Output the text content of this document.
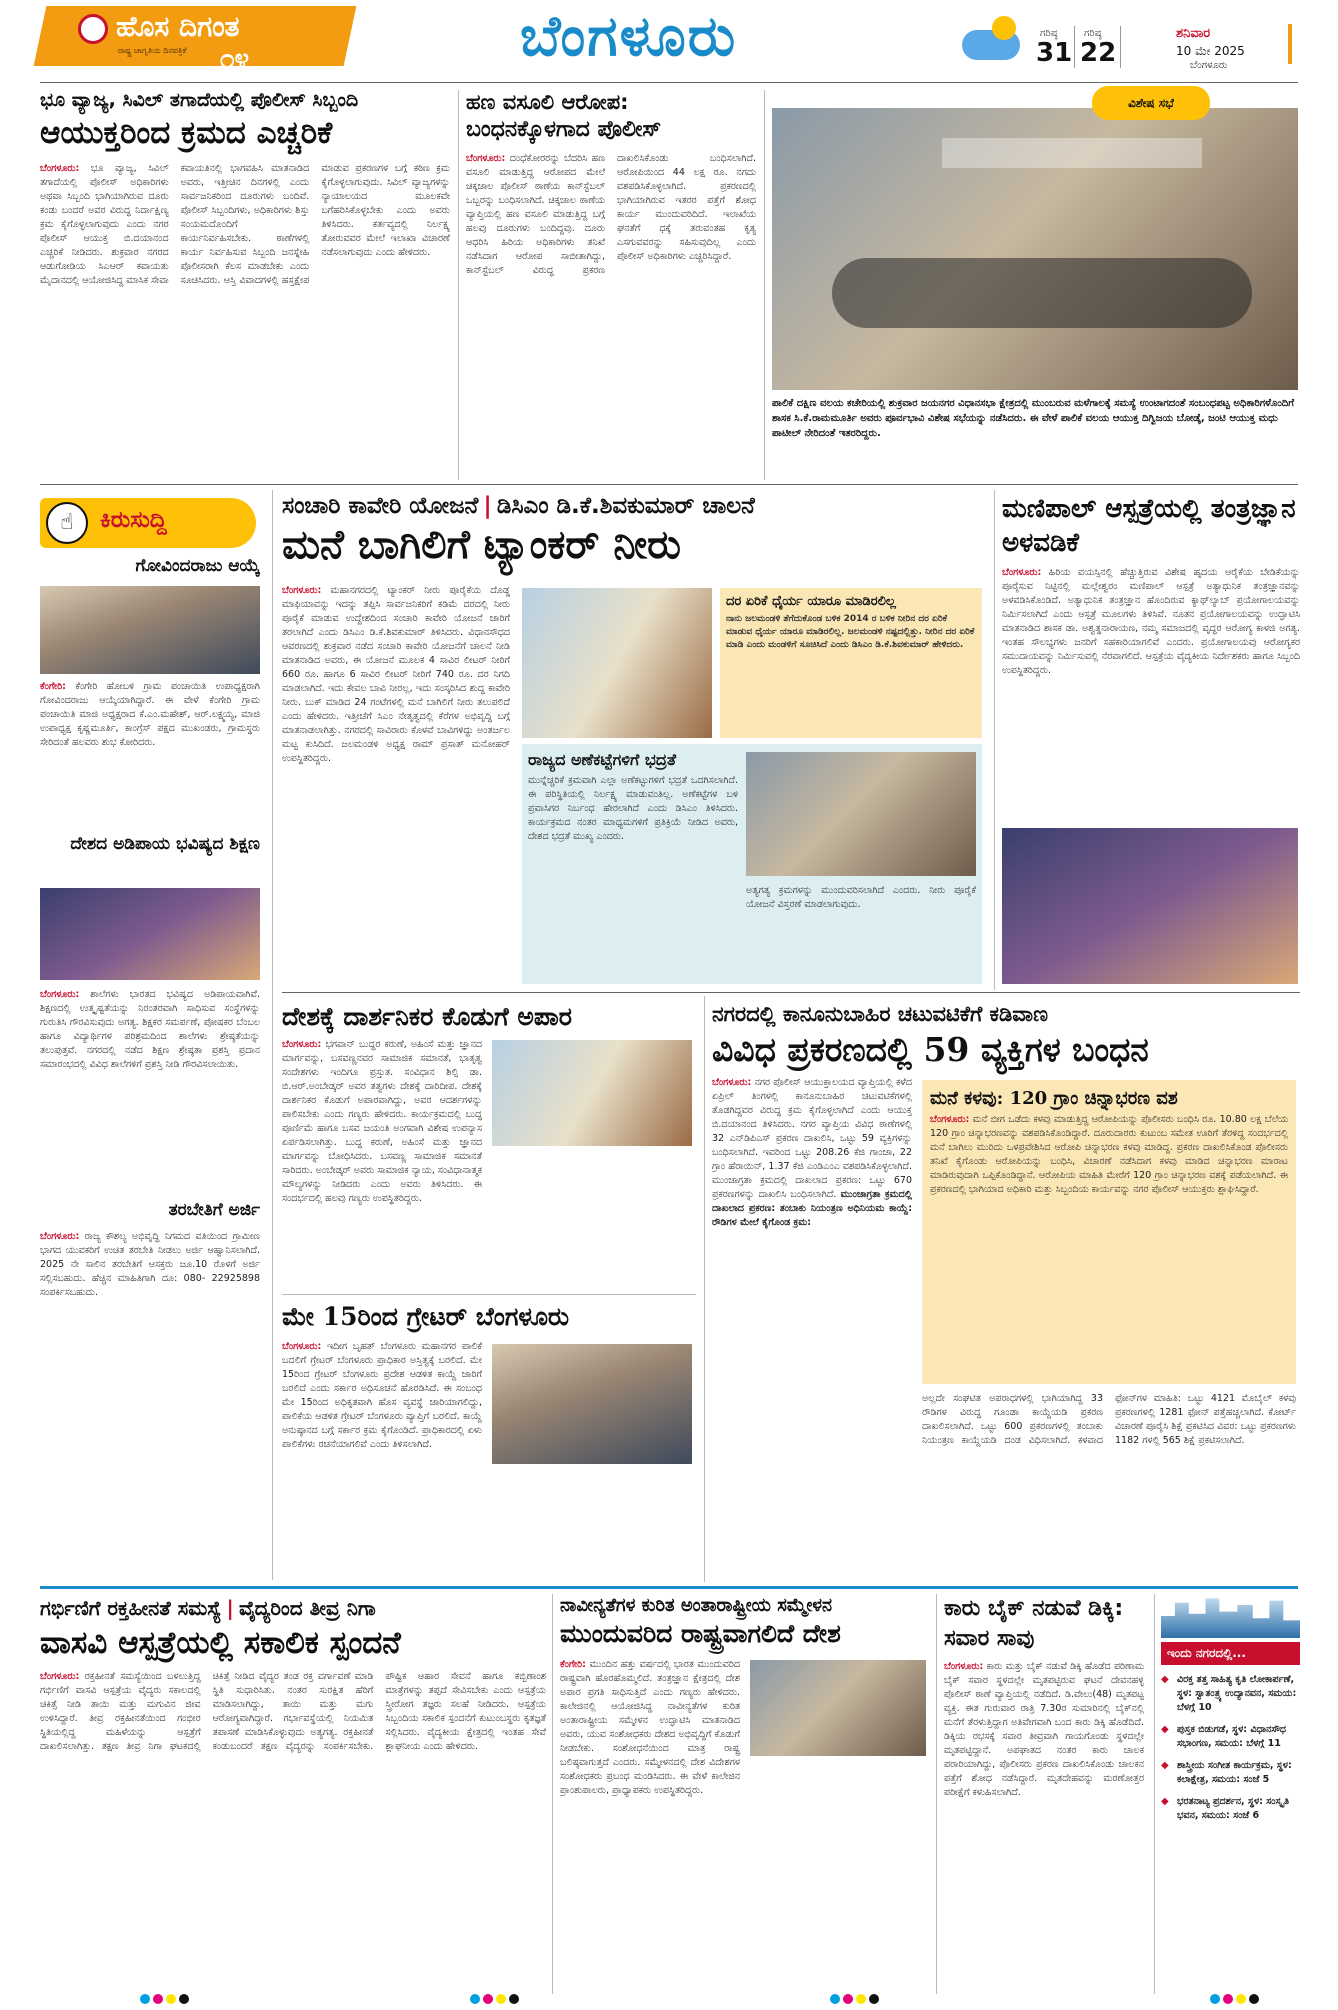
ಹೊಸ ದಿಗಂತ
ರಾಷ್ಟ್ರ ಜಾಗೃತಿಯ ದಿನಪತ್ರಿಕೆ ೧೪	ಬೆಂಗಳೂರು	ಗರಿಷ್ಠ
31
ಗರಿಷ್ಠ
22
ಶನಿವಾರ
10 ಮೇ 2025
ಬೆಂಗಳೂರು
ಭೂ ವ್ಯಾಜ್ಯ, ಸಿವಿಲ್ ತಗಾದೆಯಲ್ಲಿ ಪೊಲೀಸ್ ಸಿಬ್ಬಂದಿ
ಆಯುಕ್ತರಿಂದ ಕ್ರಮದ ಎಚ್ಚರಿಕೆ
ಬೆಂಗಳೂರು: ಭೂ ವ್ಯಾಜ್ಯ, ಸಿವಿಲ್ ತಗಾದೆಯಲ್ಲಿ ಪೊಲೀಸ್ ಅಧಿಕಾರಿಗಳು ಅಥವಾ ಸಿಬ್ಬಂದಿ ಭಾಗಿಯಾಗಿರುವ ದೂರು ಕಂಡು ಬಂದರೆ ಅವರ ವಿರುದ್ಧ ನಿರ್ದಾಕ್ಷಿಣ್ಯ ಕ್ರಮ ಕೈಗೊಳ್ಳಲಾಗುವುದು ಎಂದು ನಗರ ಪೊಲೀಸ್ ಆಯುಕ್ತ ಬಿ.ದಯಾನಂದ ಎಚ್ಚರಿಕೆ ನೀಡಿದರು. ಶುಕ್ರವಾರ ನಗರದ ಆಡುಗೋಡಿಯ ಸಿಎಆರ್ ಕವಾಯತು ಮೈದಾನದಲ್ಲಿ ಆಯೋಜಿಸಿದ್ದ ಮಾಸಿಕ ಸೇವಾ ಕವಾಯತಿನಲ್ಲಿ ಭಾಗವಹಿಸಿ ಮಾತನಾಡಿದ ಅವರು, ಇತ್ತೀಚಿನ ದಿನಗಳಲ್ಲಿ ಎಂದು ಸಾರ್ವಜನಿಕರಿಂದ ದೂರುಗಳು ಬಂದಿವೆ. ಪೊಲೀಸ್ ಸಿಬ್ಬಂದಿಗಳು, ಅಧಿಕಾರಿಗಳು ಶಿಸ್ತು ಸಂಯಮದೊಂದಿಗೆ ಕಾರ್ಯನಿರ್ವಹಿಸಬೇಕು. ಠಾಣೆಗಳಲ್ಲಿ ಕಾರ್ಯ ನಿರ್ವಹಿಸುವ ಸಿಬ್ಬಂದಿ ಜನಸ್ನೇಹಿ ಪೊಲೀಸರಾಗಿ ಕೆಲಸ ಮಾಡಬೇಕು ಎಂದು ಸೂಚಿಸಿದರು. ಆಸ್ತಿ ವಿವಾದಗಳಲ್ಲಿ ಹಸ್ತಕ್ಷೇಪ ಮಾಡುವ ಪ್ರಕರಣಗಳ ಬಗ್ಗೆ ಕಠಿಣ ಕ್ರಮ ಕೈಗೊಳ್ಳಲಾಗುವುದು. ಸಿವಿಲ್ ವ್ಯಾಜ್ಯಗಳನ್ನು ನ್ಯಾಯಾಲಯದ ಮೂಲಕವೇ ಬಗೆಹರಿಸಿಕೊಳ್ಳಬೇಕು ಎಂದು ಅವರು ತಿಳಿಸಿದರು. ಕರ್ತವ್ಯದಲ್ಲಿ ನಿರ್ಲಕ್ಷ್ಯ ತೋರುವವರ ಮೇಲೆ ಇಲಾಖಾ ವಿಚಾರಣೆ ನಡೆಸಲಾಗುವುದು ಎಂದು ಹೇಳಿದರು.
ಹಣ ವಸೂಲಿ ಆರೋಪ:
ಬಂಧನಕ್ಕೊಳಗಾದ ಪೊಲೀಸ್
ಬೆಂಗಳೂರು: ದಂಧೆಕೋರರನ್ನು ಬೆದರಿಸಿ ಹಣ ವಸೂಲಿ ಮಾಡುತ್ತಿದ್ದ ಆರೋಪದ ಮೇಲೆ ಚಿಕ್ಕಜಾಲ ಪೊಲೀಸ್ ಠಾಣೆಯ ಕಾನ್‌ಸ್ಟೆಬಲ್ ಒಬ್ಬರನ್ನು ಬಂಧಿಸಲಾಗಿದೆ. ಚಿಕ್ಕಜಾಲ ಠಾಣೆಯ ವ್ಯಾಪ್ತಿಯಲ್ಲಿ ಹಣ ವಸೂಲಿ ಮಾಡುತ್ತಿದ್ದ ಬಗ್ಗೆ ಹಲವು ದೂರುಗಳು ಬಂದಿದ್ದವು. ದೂರು ಆಧರಿಸಿ ಹಿರಿಯ ಅಧಿಕಾರಿಗಳು ತನಿಖೆ ನಡೆಸಿದಾಗ ಆರೋಪ ಸಾಬೀತಾಗಿದ್ದು, ಕಾನ್‌ಸ್ಟೆಬಲ್ ವಿರುದ್ಧ ಪ್ರಕರಣ ದಾಖಲಿಸಿಕೊಂಡು ಬಂಧಿಸಲಾಗಿದೆ. ಆರೋಪಿಯಿಂದ 44 ಲಕ್ಷ ರೂ. ನಗದು ವಶಪಡಿಸಿಕೊಳ್ಳಲಾಗಿದೆ. ಪ್ರಕರಣದಲ್ಲಿ ಭಾಗಿಯಾಗಿರುವ ಇತರರ ಪತ್ತೆಗೆ ಶೋಧ ಕಾರ್ಯ ಮುಂದುವರಿದಿದೆ. ಇಲಾಖೆಯ ಘನತೆಗೆ ಧಕ್ಕೆ ತರುವಂತಹ ಕೃತ್ಯ ಎಸಗುವವರನ್ನು ಸಹಿಸುವುದಿಲ್ಲ ಎಂದು ಪೊಲೀಸ್ ಅಧಿಕಾರಿಗಳು ಎಚ್ಚರಿಸಿದ್ದಾರೆ.
ವಿಶೇಷ ಸಭೆ
ಪಾಲಿಕೆ ದಕ್ಷಿಣ ವಲಯ ಕಚೇರಿಯಲ್ಲಿ ಶುಕ್ರವಾರ ಜಯನಗರ ವಿಧಾನಸಭಾ ಕ್ಷೇತ್ರದಲ್ಲಿ ಮುಂಬರುವ ಮಳೆಗಾಲಕ್ಕೆ ಸಮಸ್ಯೆ ಉಂಟಾಗದಂತೆ ಸಂಬಂಧಪಟ್ಟ ಅಧಿಕಾರಿಗಳೊಂದಿಗೆ ಶಾಸಕ ಸಿ.ಕೆ.ರಾಮಮೂರ್ತಿ ಅವರು ಪೂರ್ವಭಾವಿ ವಿಶೇಷ ಸಭೆಯನ್ನು ನಡೆಸಿದರು. ಈ ವೇಳೆ ಪಾಲಿಕೆ ವಲಯ ಆಯುಕ್ತ ದಿಗ್ವಿಜಯ ಬೋಡ್ಕೆ, ಜಂಟಿ ಆಯುಕ್ತ ಮಧು ಪಾಟೀಲ್ ನೇರಿದಂತೆ ಇತರರಿದ್ದರು.
☝	ಕಿರುಸುದ್ದಿ
ಗೋವಿಂದರಾಜು ಆಯ್ಕೆ
ಕೆಂಗೇರಿ: ಕೆಂಗೇರಿ ಹೋಬಳಿ ಗ್ರಾಮ ಪಂಚಾಯಿತಿ ಉಪಾಧ್ಯಕ್ಷರಾಗಿ ಗೋವಿಂದರಾಜು ಆಯ್ಕೆಯಾಗಿದ್ದಾರೆ. ಈ ವೇಳೆ ಕೆಂಗೇರಿ ಗ್ರಾಮ ಪಂಚಾಯಿತಿ ಮಾಜಿ ಅಧ್ಯಕ್ಷರಾದ ಕೆ.ಎಂ.ಮಹೇಶ್, ಆರ್.ಲಕ್ಷ್ಮಯ್ಯ, ಮಾಜಿ ಉಪಾಧ್ಯಕ್ಷ ಕೃಷ್ಣಮೂರ್ತಿ, ಕಾಂಗ್ರೆಸ್ ಪಕ್ಷದ ಮುಖಂಡರು, ಗ್ರಾಮಸ್ಥರು ಸೇರಿದಂತೆ ಹಲವರು ಶುಭ ಕೋರಿದರು.
ದೇಶದ ಅಡಿಪಾಯ ಭವಿಷ್ಯದ ಶಿಕ್ಷಣ
ಬೆಂಗಳೂರು: ಶಾಲೆಗಳು ಭಾರತದ ಭವಿಷ್ಯದ ಅಡಿಪಾಯವಾಗಿವೆ. ಶಿಕ್ಷಣದಲ್ಲಿ ಉತ್ಕೃಷ್ಟತೆಯನ್ನು ನಿರಂತರವಾಗಿ ಸಾಧಿಸುವ ಸಂಸ್ಥೆಗಳನ್ನು ಗುರುತಿಸಿ ಗೌರವಿಸುವುದು ಅಗತ್ಯ. ಶಿಕ್ಷಕರ ಸಮರ್ಪಣೆ, ಪೋಷಕರ ಬೆಂಬಲ ಹಾಗೂ ವಿದ್ಯಾರ್ಥಿಗಳ ಪರಿಶ್ರಮದಿಂದ ಶಾಲೆಗಳು ಶ್ರೇಷ್ಠತೆಯನ್ನು ತಲುಪುತ್ತವೆ. ನಗರದಲ್ಲಿ ನಡೆದ ಶಿಕ್ಷಣ ಶ್ರೇಷ್ಠತಾ ಪ್ರಶಸ್ತಿ ಪ್ರದಾನ ಸಮಾರಂಭದಲ್ಲಿ ವಿವಿಧ ಶಾಲೆಗಳಿಗೆ ಪ್ರಶಸ್ತಿ ನೀಡಿ ಗೌರವಿಸಲಾಯಿತು.
ತರಬೇತಿಗೆ ಅರ್ಜಿ
ಬೆಂಗಳೂರು: ರಾಜ್ಯ ಕೌಶಲ್ಯ ಅಭಿವೃದ್ಧಿ ನಿಗಮದ ವತಿಯಿಂದ ಗ್ರಾಮೀಣ ಭಾಗದ ಯುವಕರಿಗೆ ಉಚಿತ ತರಬೇತಿ ನೀಡಲು ಅರ್ಜಿ ಆಹ್ವಾನಿಸಲಾಗಿದೆ. 2025 ನೇ ಸಾಲಿನ ತರಬೇತಿಗೆ ಆಸಕ್ತರು ಜೂ.10 ರೊಳಗೆ ಅರ್ಜಿ ಸಲ್ಲಿಸಬಹುದು. ಹೆಚ್ಚಿನ ಮಾಹಿತಿಗಾಗಿ ದೂ: 080- 22925898 ಸಂಪರ್ಕಿಸಬಹುದು.
ಸಂಚಾರಿ ಕಾವೇರಿ ಯೋಜನೆ | ಡಿಸಿಎಂ ಡಿ.ಕೆ.ಶಿವಕುಮಾರ್ ಚಾಲನೆ
ಮನೆ ಬಾಗಿಲಿಗೆ ಟ್ಯಾಂಕರ್ ನೀರು
ಬೆಂಗಳೂರು: ಮಹಾನಗರದಲ್ಲಿ ಟ್ಯಾಂಕರ್ ನೀರು ಪೂರೈಕೆಯ ದೊಡ್ಡ ಮಾಫಿಯಾವನ್ನು ಇದನ್ನು ತಪ್ಪಿಸಿ ಸಾರ್ವಜನಿಕರಿಗೆ ಕಡಿಮೆ ದರದಲ್ಲಿ ನೀರು ಪೂರೈಕೆ ಮಾಡುವ ಉದ್ದೇಶದಿಂದ ಸಂಚಾರಿ ಕಾವೇರಿ ಯೋಜನೆ ಜಾರಿಗೆ ತರಲಾಗಿದೆ ಎಂದು ಡಿಸಿಎಂ ಡಿ.ಕೆ.ಶಿವಕುಮಾರ್ ತಿಳಿಸಿದರು. ವಿಧಾನಸೌಧದ ಆವರಣದಲ್ಲಿ ಶುಕ್ರವಾರ ನಡೆದ ಸಂಚಾರಿ ಕಾವೇರಿ ಯೋಜನೆಗೆ ಚಾಲನೆ ನೀಡಿ ಮಾತನಾಡಿದ ಅವರು, ಈ ಯೋಜನೆ ಮೂಲಕ 4 ಸಾವಿರ ಲೀಟರ್ ನೀರಿಗೆ 660 ರೂ. ಹಾಗೂ 6 ಸಾವಿರ ಲೀಟರ್ ನೀರಿಗೆ 740 ರೂ. ದರ ನಿಗದಿ ಮಾಡಲಾಗಿದೆ. ಇದು ಕೇವಲ ಬಾವಿ ನೀರಲ್ಲ, ಇದು ಸಂಸ್ಕರಿಸಿದ ಶುದ್ಧ ಕಾವೇರಿ ನೀರು. ಬುಕ್ ಮಾಡಿದ 24 ಗಂಟೆಗಳಲ್ಲಿ ಮನೆ ಬಾಗಿಲಿಗೆ ನೀರು ತಲುಪಲಿದೆ ಎಂದು ಹೇಳಿದರು. ಇತ್ತೀಚೆಗೆ ಸಿಎಂ ನೇತೃತ್ವದಲ್ಲಿ ಕೆರೆಗಳ ಅಭಿವೃದ್ಧಿ ಬಗ್ಗೆ ಮಾತನಾಡಲಾಗಿತ್ತು. ನಗರದಲ್ಲಿ ಸಾವಿರಾರು ಕೊಳವೆ ಬಾವಿಗಳಿದ್ದು ಅಂತರ್ಜಲ ಮಟ್ಟ ಕುಸಿದಿದೆ. ಜಲಮಂಡಳಿ ಅಧ್ಯಕ್ಷ ರಾಮ್ ಪ್ರಸಾತ್ ಮನೋಹರ್ ಉಪಸ್ಥಿತರಿದ್ದರು.
ದರ ಏರಿಕೆ ಧೈರ್ಯ ಯಾರೂ ಮಾಡಿರಲಿಲ್ಲ
ನಾನು ಜಲಮಂಡಳಿ ತೆಗೆದುಕೊಂಡ ಬಳಿಕ 2014 ರ ಬಳಿಕ ನೀರಿನ ದರ ಏರಿಕೆ ಮಾಡುವ ಧೈರ್ಯ ಯಾರೂ ಮಾಡಿರಲಿಲ್ಲ. ಜಲಮಂಡಳಿ ನಷ್ಟದಲ್ಲಿತ್ತು. ನೀರಿನ ದರ ಏರಿಕೆ ಮಾಡಿ ಎಂದು ಮಂಡಳಿಗೆ ಸೂಚಿಸಿದೆ ಎಂದು ಡಿಸಿಎಂ ಡಿ.ಕೆ.ಶಿವಕುಮಾರ್ ಹೇಳಿದರು.
ರಾಜ್ಯದ ಅಣೆಕಟ್ಟೆಗಳಿಗೆ ಭದ್ರತೆ
ಮುನ್ನೆಚ್ಚರಿಕೆ ಕ್ರಮವಾಗಿ ಎಲ್ಲಾ ಅಣೆಕಟ್ಟುಗಳಿಗೆ ಭದ್ರತೆ ಒದಗಿಸಲಾಗಿದೆ. ಈ ಪರಿಸ್ಥಿತಿಯಲ್ಲಿ ನಿರ್ಲಕ್ಷ್ಯ ಮಾಡುವಂತಿಲ್ಲ. ಅಣೆಕಟ್ಟೆಗಳ ಬಳಿ ಪ್ರವಾಸಿಗರ ನಿರ್ಬಂಧ ಹೇರಲಾಗಿದೆ ಎಂದು ಡಿಸಿಎಂ ತಿಳಿಸಿದರು. ಕಾರ್ಯಕ್ರಮದ ನಂತರ ಮಾಧ್ಯಮಗಳಿಗೆ ಪ್ರತಿಕ್ರಿಯೆ ನೀಡಿದ ಅವರು, ದೇಶದ ಭದ್ರತೆ ಮುಖ್ಯ ಎಂದರು.
ಅತ್ಯಗತ್ಯ ಕ್ರಮಗಳನ್ನು ಮುಂದುವರಿಸಲಾಗಿದೆ ಎಂದರು. ನೀರು ಪೂರೈಕೆ ಯೋಜನೆ ವಿಸ್ತರಣೆ ಮಾಡಲಾಗುವುದು.
ಮಣಿಪಾಲ್ ಆಸ್ಪತ್ರೆಯಲ್ಲಿ ತಂತ್ರಜ್ಞಾನ ಅಳವಡಿಕೆ
ಬೆಂಗಳೂರು: ಹಿರಿಯ ವಯಸ್ಸಿನಲ್ಲಿ ಹೆಚ್ಚುತ್ತಿರುವ ವಿಶೇಷ ಹೃದಯ ಆರೈಕೆಯ ಬೇಡಿಕೆಯನ್ನು ಪೂರೈಸುವ ನಿಟ್ಟಿನಲ್ಲಿ ಮಲ್ಲೇಶ್ವರಂ ಮಣಿಪಾಲ್ ಆಸ್ಪತ್ರೆ ಅತ್ಯಾಧುನಿಕ ತಂತ್ರಜ್ಞಾನವನ್ನು ಅಳವಡಿಸಿಕೊಂಡಿದೆ. ಅತ್ಯಾಧುನಿಕ ತಂತ್ರಜ್ಞಾನ ಹೊಂದಿರುವ ಕ್ಯಾಥ್‌ಲ್ಯಾಬ್ ಪ್ರಯೋಗಾಲಯವನ್ನು ನಿರ್ಮಿಸಲಾಗಿದೆ ಎಂದು ಆಸ್ಪತ್ರೆ ಮೂಲಗಳು ತಿಳಿಸಿವೆ. ನೂತನ ಪ್ರಯೋಗಾಲಯವನ್ನು ಉದ್ಘಾಟಿಸಿ ಮಾತನಾಡಿದ ಶಾಸಕ ಡಾ. ಅಶ್ವತ್ಥನಾರಾಯಣ, ನಮ್ಮ ಸಮಾಜದಲ್ಲಿ ವೃದ್ಧರ ಆರೋಗ್ಯ ಕಾಳಜಿ ಅಗತ್ಯ. ಇಂತಹ ಸೌಲಭ್ಯಗಳು ಜನರಿಗೆ ಸಹಕಾರಿಯಾಗಲಿವೆ ಎಂದರು. ಪ್ರಯೋಗಾಲಯವು ಆರೋಗ್ಯಕರ ಸಮುದಾಯವನ್ನು ನಿರ್ಮಿಸುವಲ್ಲಿ ನೆರವಾಗಲಿದೆ. ಆಸ್ಪತ್ರೆಯ ವೈದ್ಯಕೀಯ ನಿರ್ದೇಶಕರು ಹಾಗೂ ಸಿಬ್ಬಂದಿ ಉಪಸ್ಥಿತರಿದ್ದರು.
ದೇಶಕ್ಕೆ ದಾರ್ಶನಿಕರ ಕೊಡುಗೆ ಅಪಾರ
ಬೆಂಗಳೂರು: ಭಗವಾನ್ ಬುದ್ಧರ ಕರುಣೆ, ಅಹಿಂಸೆ ಮತ್ತು ಜ್ಞಾನದ ಮಾರ್ಗವನ್ನು, ಬಸವಣ್ಣನವರ ಸಾಮಾಜಿಕ ಸಮಾನತೆ, ಭಾತೃತ್ವ ಸಂದೇಶಗಳು ಇಂದಿಗೂ ಪ್ರಸ್ತುತ. ಸಂವಿಧಾನ ಶಿಲ್ಪಿ ಡಾ. ಬಿ.ಆರ್.ಅಂಬೇಡ್ಕರ್ ಅವರ ತತ್ವಗಳು ದೇಶಕ್ಕೆ ದಾರಿದೀಪ. ದೇಶಕ್ಕೆ ದಾರ್ಶನಿಕರ ಕೊಡುಗೆ ಅಪಾರವಾಗಿದ್ದು, ಅವರ ಆದರ್ಶಗಳನ್ನು ಪಾಲಿಸಬೇಕು ಎಂದು ಗಣ್ಯರು ಹೇಳಿದರು. ಕಾರ್ಯಕ್ರಮದಲ್ಲಿ ಬುದ್ಧ ಪೂರ್ಣಿಮೆ ಹಾಗೂ ಬಸವ ಜಯಂತಿ ಅಂಗವಾಗಿ ವಿಶೇಷ ಉಪನ್ಯಾಸ ಏರ್ಪಡಿಸಲಾಗಿತ್ತು. ಬುದ್ಧ ಕರುಣೆ, ಅಹಿಂಸೆ ಮತ್ತು ಜ್ಞಾನದ ಮಾರ್ಗವನ್ನು ಬೋಧಿಸಿದರು. ಬಸವಣ್ಣ ಸಾಮಾಜಿಕ ಸಮಾನತೆ ಸಾರಿದರು. ಅಂಬೇಡ್ಕರ್ ಅವರು ಸಾಮಾಜಿಕ ನ್ಯಾಯ, ಸಂವಿಧಾನಾತ್ಮಕ ಮೌಲ್ಯಗಳನ್ನು ನೀಡಿದರು ಎಂದು ಅವರು ತಿಳಿಸಿದರು. ಈ ಸಂದರ್ಭದಲ್ಲಿ ಹಲವು ಗಣ್ಯರು ಉಪಸ್ಥಿತರಿದ್ದರು.
ಮೇ 15ರಿಂದ ಗ್ರೇಟರ್ ಬೆಂಗಳೂರು
ಬೆಂಗಳೂರು: ಇದೀಗ ಬೃಹತ್ ಬೆಂಗಳೂರು ಮಹಾನಗರ ಪಾಲಿಕೆ ಬದಲಿಗೆ ಗ್ರೇಟರ್ ಬೆಂಗಳೂರು ಪ್ರಾಧಿಕಾರ ಅಸ್ತಿತ್ವಕ್ಕೆ ಬರಲಿದೆ. ಮೇ 15ರಿಂದ ಗ್ರೇಟರ್ ಬೆಂಗಳೂರು ಪ್ರದೇಶ ಆಡಳಿತ ಕಾಯ್ದೆ ಜಾರಿಗೆ ಬರಲಿದೆ ಎಂದು ಸರ್ಕಾರ ಅಧಿಸೂಚನೆ ಹೊರಡಿಸಿದೆ. ಈ ಸಂಬಂಧ ಮೇ 15ರಿಂದ ಅಧಿಕೃತವಾಗಿ ಹೊಸ ವ್ಯವಸ್ಥೆ ಜಾರಿಯಾಗಲಿದ್ದು, ಪಾಲಿಕೆಯ ಆಡಳಿತ ಗ್ರೇಟರ್ ಬೆಂಗಳೂರು ವ್ಯಾಪ್ತಿಗೆ ಬರಲಿದೆ. ಕಾಯ್ದೆ ಅನುಷ್ಠಾನದ ಬಗ್ಗೆ ಸರ್ಕಾರ ಕ್ರಮ ಕೈಗೊಂಡಿದೆ. ಪ್ರಾಧಿಕಾರದಲ್ಲಿ ಏಳು ಪಾಲಿಕೆಗಳು ರಚನೆಯಾಗಲಿವೆ ಎಂದು ತಿಳಿಸಲಾಗಿದೆ.
ನಗರದಲ್ಲಿ ಕಾನೂನುಬಾಹಿರ ಚಟುವಟಿಕೆಗೆ ಕಡಿವಾಣ
ವಿವಿಧ ಪ್ರಕರಣದಲ್ಲಿ 59 ವ್ಯಕ್ತಿಗಳ ಬಂಧನ
ಬೆಂಗಳೂರು: ನಗರ ಪೊಲೀಸ್ ಆಯುಕ್ತಾಲಯದ ವ್ಯಾಪ್ತಿಯಲ್ಲಿ ಕಳೆದ ಏಪ್ರಿಲ್ ತಿಂಗಳಲ್ಲಿ ಕಾನೂನುಬಾಹಿರ ಚಟುವಟಿಕೆಗಳಲ್ಲಿ ತೊಡಗಿದ್ದವರ ವಿರುದ್ಧ ಕ್ರಮ ಕೈಗೊಳ್ಳಲಾಗಿದೆ ಎಂದು ಆಯುಕ್ತ ಬಿ.ದಯಾನಂದ ತಿಳಿಸಿದರು. ನಗರ ವ್ಯಾಪ್ತಿಯ ವಿವಿಧ ಠಾಣೆಗಳಲ್ಲಿ 32 ಎನ್‌ಡಿಪಿಎಸ್ ಪ್ರಕರಣ ದಾಖಲಿಸಿ, ಒಟ್ಟು 59 ವ್ಯಕ್ತಿಗಳನ್ನು ಬಂಧಿಸಲಾಗಿದೆ. ಇವರಿಂದ ಒಟ್ಟು 208.26 ಕೆಜಿ ಗಾಂಜಾ, 22 ಗ್ರಾಂ ಹೆರಾಯಿನ್, 1.37 ಕೆಜಿ ಎಂಡಿಎಂಎ ವಶಪಡಿಸಿಕೊಳ್ಳಲಾಗಿದೆ. ಮುಂಜಾಗ್ರತಾ ಕ್ರಮದಲ್ಲಿ ದಾಖಲಾದ ಪ್ರಕರಣ: ಒಟ್ಟು 670 ಪ್ರಕರಣಗಳನ್ನು ದಾಖಲಿಸಿ ಬಂಧಿಸಲಾಗಿದೆ. ಮುಂಜಾಗ್ರತಾ ಕ್ರಮದಲ್ಲಿ ದಾಖಲಾದ ಪ್ರಕರಣ: ತಂಬಾಕು ನಿಯಂತ್ರಣ ಅಧಿನಿಯಮ ಕಾಯ್ದೆ: ರೌಡಿಗಳ ಮೇಲೆ ಕೈಗೊಂಡ ಕ್ರಮ:
ಮನೆ ಕಳವು: 120 ಗ್ರಾಂ ಚಿನ್ನಾಭರಣ ವಶ
ಬೆಂಗಳೂರು: ಮನೆ ಬೀಗ ಒಡೆದು ಕಳವು ಮಾಡುತ್ತಿದ್ದ ಆರೋಪಿಯನ್ನು ಪೊಲೀಸರು ಬಂಧಿಸಿ ರೂ. 10.80 ಲಕ್ಷ ಬೆಲೆಯ 120 ಗ್ರಾಂ ಚಿನ್ನಾಭರಣವನ್ನು ವಶಪಡಿಸಿಕೊಂಡಿದ್ದಾರೆ. ದೂರುದಾರರು ಕುಟುಂಬ ಸಮೇತ ಊರಿಗೆ ತೆರಳಿದ್ದ ಸಂದರ್ಭದಲ್ಲಿ ಮನೆ ಬಾಗಿಲು ಮುರಿದು ಒಳಪ್ರವೇಶಿಸಿದ ಆರೋಪಿ ಚಿನ್ನಾಭರಣ ಕಳವು ಮಾಡಿದ್ದ. ಪ್ರಕರಣ ದಾಖಲಿಸಿಕೊಂಡ ಪೊಲೀಸರು ತನಿಖೆ ಕೈಗೊಂಡು ಆರೋಪಿಯನ್ನು ಬಂಧಿಸಿ, ವಿಚಾರಣೆ ನಡೆಸಿದಾಗ ಕಳವು ಮಾಡಿದ ಚಿನ್ನಾಭರಣ ಮಾರಾಟ ಮಾಡಿರುವುದಾಗಿ ಒಪ್ಪಿಕೊಂಡಿದ್ದಾನೆ. ಆರೋಪಿಯ ಮಾಹಿತಿ ಮೇರೆಗೆ 120 ಗ್ರಾಂ ಚಿನ್ನಾಭರಣ ವಶಕ್ಕೆ ಪಡೆಯಲಾಗಿದೆ. ಈ ಪ್ರಕರಣದಲ್ಲಿ ಭಾಗಿಯಾದ ಅಧಿಕಾರಿ ಮತ್ತು ಸಿಬ್ಬಂದಿಯ ಕಾರ್ಯವನ್ನು ನಗರ ಪೊಲೀಸ್ ಆಯುಕ್ತರು ಶ್ಲಾಘಿಸಿದ್ದಾರೆ.
ಅಲ್ಲದೇ ಸಂಘಟಿತ ಅಪರಾಧಗಳಲ್ಲಿ ಭಾಗಿಯಾಗಿದ್ದ 33 ರೌಡಿಗಳ ವಿರುದ್ಧ ಗೂಂಡಾ ಕಾಯ್ದೆಯಡಿ ಪ್ರಕರಣ ದಾಖಲಿಸಲಾಗಿದೆ. ಒಟ್ಟು 600 ಪ್ರಕರಣಗಳಲ್ಲಿ ತಂಬಾಕು ನಿಯಂತ್ರಣ ಕಾಯ್ದೆಯಡಿ ದಂಡ ವಿಧಿಸಲಾಗಿದೆ. ಕಳವಾದ ಫೋನ್‌ಗಳ ಮಾಹಿತಿ: ಒಟ್ಟು 4121 ಮೊಬೈಲ್ ಕಳವು ಪ್ರಕರಣಗಳಲ್ಲಿ 1281 ಫೋನ್ ಪತ್ತೆಹಚ್ಚಲಾಗಿದೆ. ಕೋರ್ಟ್ ವಿಚಾರಣೆ ಪೂರೈಸಿ ಶಿಕ್ಷೆ ಪ್ರಕಟಿಸಿದ ವಿವರ: ಒಟ್ಟು ಪ್ರಕರಣಗಳು 1182 ಗಳಲ್ಲಿ 565 ಶಿಕ್ಷೆ ಪ್ರಕಟಿಸಲಾಗಿದೆ.
ಗರ್ಭಿಣಿಗೆ ರಕ್ತಹೀನತೆ ಸಮಸ್ಯೆ | ವೈದ್ಯರಿಂದ ತೀವ್ರ ನಿಗಾ
ವಾಸವಿ ಆಸ್ಪತ್ರೆಯಲ್ಲಿ ಸಕಾಲಿಕ ಸ್ಪಂದನೆ
ಬೆಂಗಳೂರು: ರಕ್ತಹೀನತೆ ಸಮಸ್ಯೆಯಿಂದ ಬಳಲುತ್ತಿದ್ದ ಗರ್ಭಿಣಿಗೆ ವಾಸವಿ ಆಸ್ಪತ್ರೆಯ ವೈದ್ಯರು ಸಕಾಲದಲ್ಲಿ ಚಿಕಿತ್ಸೆ ನೀಡಿ ತಾಯಿ ಮತ್ತು ಮಗುವಿನ ಜೀವ ಉಳಿಸಿದ್ದಾರೆ. ತೀವ್ರ ರಕ್ತಹೀನತೆಯಿಂದ ಗಂಭೀರ ಸ್ಥಿತಿಯಲ್ಲಿದ್ದ ಮಹಿಳೆಯನ್ನು ಆಸ್ಪತ್ರೆಗೆ ದಾಖಲಿಸಲಾಗಿತ್ತು. ತಕ್ಷಣ ತೀವ್ರ ನಿಗಾ ಘಟಕದಲ್ಲಿ ಚಿಕಿತ್ಸೆ ನೀಡಿದ ವೈದ್ಯರ ತಂಡ ರಕ್ತ ವರ್ಗಾವಣೆ ಮಾಡಿ ಸ್ಥಿತಿ ಸುಧಾರಿಸಿತು. ನಂತರ ಸುರಕ್ಷಿತ ಹೆರಿಗೆ ಮಾಡಿಸಲಾಗಿದ್ದು, ತಾಯಿ ಮತ್ತು ಮಗು ಆರೋಗ್ಯವಾಗಿದ್ದಾರೆ. ಗರ್ಭಾವಸ್ಥೆಯಲ್ಲಿ ನಿಯಮಿತ ತಪಾಸಣೆ ಮಾಡಿಸಿಕೊಳ್ಳುವುದು ಅತ್ಯಗತ್ಯ. ರಕ್ತಹೀನತೆ ಕಂಡುಬಂದರೆ ತಕ್ಷಣ ವೈದ್ಯರನ್ನು ಸಂಪರ್ಕಿಸಬೇಕು. ಪೌಷ್ಟಿಕ ಆಹಾರ ಸೇವನೆ ಹಾಗೂ ಕಬ್ಬಿಣಾಂಶ ಮಾತ್ರೆಗಳನ್ನು ತಪ್ಪದೆ ಸೇವಿಸಬೇಕು ಎಂದು ಆಸ್ಪತ್ರೆಯ ಸ್ತ್ರೀರೋಗ ತಜ್ಞರು ಸಲಹೆ ನೀಡಿದರು. ಆಸ್ಪತ್ರೆಯ ಸಿಬ್ಬಂದಿಯ ಸಕಾಲಿಕ ಸ್ಪಂದನೆಗೆ ಕುಟುಂಬಸ್ಥರು ಕೃತಜ್ಞತೆ ಸಲ್ಲಿಸಿದರು. ವೈದ್ಯಕೀಯ ಕ್ಷೇತ್ರದಲ್ಲಿ ಇಂತಹ ಸೇವೆ ಶ್ಲಾಘನೀಯ ಎಂದು ಹೇಳಿದರು.
ನಾವೀನ್ಯತೆಗಳ ಕುರಿತ ಅಂತಾರಾಷ್ಟ್ರೀಯ ಸಮ್ಮೇಳನ
ಮುಂದುವರಿದ ರಾಷ್ಟ್ರವಾಗಲಿದೆ ದೇಶ
ಕೆಂಗೇರಿ: ಮುಂದಿನ ಹತ್ತು ವರ್ಷದಲ್ಲಿ ಭಾರತ ಮುಂದುವರಿದ ರಾಷ್ಟ್ರವಾಗಿ ಹೊರಹೊಮ್ಮಲಿದೆ. ತಂತ್ರಜ್ಞಾನ ಕ್ಷೇತ್ರದಲ್ಲಿ ದೇಶ ಅಪಾರ ಪ್ರಗತಿ ಸಾಧಿಸುತ್ತಿದೆ ಎಂದು ಗಣ್ಯರು ಹೇಳಿದರು. ಕಾಲೇಜಿನಲ್ಲಿ ಆಯೋಜಿಸಿದ್ದ ನಾವೀನ್ಯತೆಗಳ ಕುರಿತ ಅಂತಾರಾಷ್ಟ್ರೀಯ ಸಮ್ಮೇಳನ ಉದ್ಘಾಟಿಸಿ ಮಾತನಾಡಿದ ಅವರು, ಯುವ ಸಂಶೋಧಕರು ದೇಶದ ಅಭಿವೃದ್ಧಿಗೆ ಕೊಡುಗೆ ನೀಡಬೇಕು. ಸಂಶೋಧನೆಯಿಂದ ಮಾತ್ರ ರಾಷ್ಟ್ರ ಬಲಿಷ್ಠವಾಗುತ್ತದೆ ಎಂದರು. ಸಮ್ಮೇಳನದಲ್ಲಿ ದೇಶ ವಿದೇಶಗಳ ಸಂಶೋಧಕರು ಪ್ರಬಂಧ ಮಂಡಿಸಿದರು. ಈ ವೇಳೆ ಕಾಲೇಜಿನ ಪ್ರಾಂಶುಪಾಲರು, ಪ್ರಾಧ್ಯಾಪಕರು ಉಪಸ್ಥಿತರಿದ್ದರು.
ಕಾರು ಬೈಕ್ ನಡುವೆ ಡಿಕ್ಕಿ: ಸವಾರ ಸಾವು
ಬೆಂಗಳೂರು: ಕಾರು ಮತ್ತು ಬೈಕ್ ನಡುವೆ ಡಿಕ್ಕಿ ಹೊಡೆದ ಪರಿಣಾಮ ಬೈಕ್ ಸವಾರ ಸ್ಥಳದಲ್ಲೇ ಮೃತಪಟ್ಟಿರುವ ಘಟನೆ ದೇವನಹಳ್ಳಿ ಪೊಲೀಸ್ ಠಾಣೆ ವ್ಯಾಪ್ತಿಯಲ್ಲಿ ನಡೆದಿದೆ. ಡಿ.ವೇಲು(48) ಮೃತಪಟ್ಟ ವ್ಯಕ್ತಿ. ಈತ ಗುರುವಾರ ರಾತ್ರಿ 7.30ರ ಸುಮಾರಿನಲ್ಲಿ ಬೈಕ್‌ನಲ್ಲಿ ಮನೆಗೆ ತೆರಳುತ್ತಿದ್ದಾಗ ಅತಿವೇಗವಾಗಿ ಬಂದ ಕಾರು ಡಿಕ್ಕಿ ಹೊಡೆದಿದೆ. ಡಿಕ್ಕಿಯ ರಭಸಕ್ಕೆ ಸವಾರ ತೀವ್ರವಾಗಿ ಗಾಯಗೊಂಡು ಸ್ಥಳದಲ್ಲೇ ಮೃತಪಟ್ಟಿದ್ದಾನೆ. ಅಪಘಾತದ ನಂತರ ಕಾರು ಚಾಲಕ ಪರಾರಿಯಾಗಿದ್ದು, ಪೊಲೀಸರು ಪ್ರಕರಣ ದಾಖಲಿಸಿಕೊಂಡು ಚಾಲಕನ ಪತ್ತೆಗೆ ಶೋಧ ನಡೆಸಿದ್ದಾರೆ. ಮೃತದೇಹವನ್ನು ಮರಣೋತ್ತರ ಪರೀಕ್ಷೆಗೆ ಕಳುಹಿಸಲಾಗಿದೆ.
ಇಂದು ನಗರದಲ್ಲಿ...
◆ ವಿರಕ್ತ ತತ್ತ ಸಾಹಿತ್ಯ ಕೃತಿ ಲೋಕಾರ್ಪಣೆ, ಸ್ಥಳ: ಸ್ವಾತಂತ್ರ್ಯ ಉದ್ಯಾನವನ, ಸಮಯ: ಬೆಳಗ್ಗೆ 10
◆ ಪುಸ್ತಕ ಬಿಡುಗಡೆ, ಸ್ಥಳ: ವಿಧಾನಸೌಧ ಸಭಾಂಗಣ, ಸಮಯ: ಬೆಳಗ್ಗೆ 11
◆ ಶಾಸ್ತ್ರೀಯ ಸಂಗೀತ ಕಾರ್ಯಕ್ರಮ, ಸ್ಥಳ: ಕಲಾಕ್ಷೇತ್ರ, ಸಮಯ: ಸಂಜೆ 5
◆ ಭರತನಾಟ್ಯ ಪ್ರದರ್ಶನ, ಸ್ಥಳ: ಸಂಸ್ಕೃತಿ ಭವನ, ಸಮಯ: ಸಂಜೆ 6
